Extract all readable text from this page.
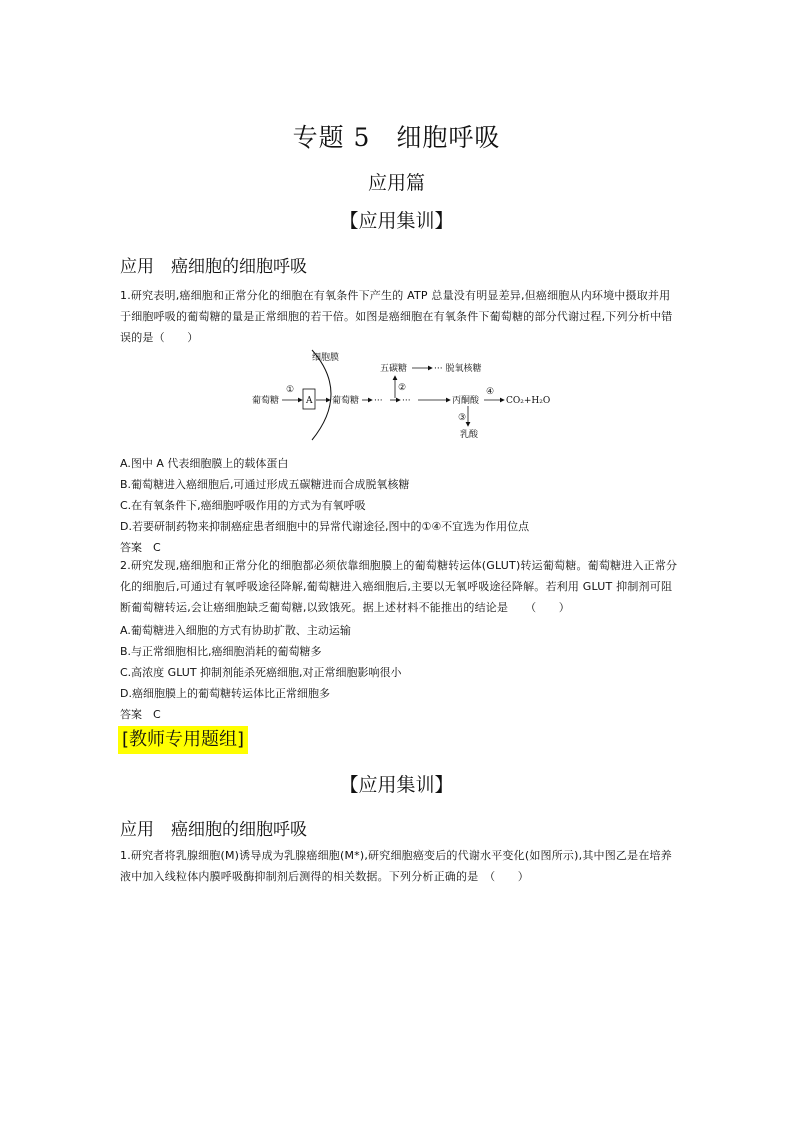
专题 5　细胞呼吸
应用篇
【应用集训】
应用　癌细胞的细胞呼吸
1.研究表明,癌细胞和正常分化的细胞在有氧条件下产生的 ATP 总量没有明显差异,但癌细胞从内环境中摄取并用于细胞呼吸的葡萄糖的量是正常细胞的若干倍。如图是癌细胞在有氧条件下葡萄糖的部分代谢过程,下列分析中错误的是（　　）
细胞膜
葡萄糖
①
A 葡萄糖 ··· ···
②
五碳糖	··· 脱氧核糖
丙酮酸
④
CO₂+H₂O
③
乳酸
A.图中 A 代表细胞膜上的载体蛋白
B.葡萄糖进入癌细胞后,可通过形成五碳糖进而合成脱氧核糖
C.在有氧条件下,癌细胞呼吸作用的方式为有氧呼吸
D.若要研制药物来抑制癌症患者细胞中的异常代谢途径,图中的①④不宜选为作用位点
答案　C
2.研究发现,癌细胞和正常分化的细胞都必须依靠细胞膜上的葡萄糖转运体(GLUT)转运葡萄糖。葡萄糖进入正常分化的细胞后,可通过有氧呼吸途径降解,葡萄糖进入癌细胞后,主要以无氧呼吸途径降解。若利用 GLUT 抑制剂可阻断葡萄糖转运,会让癌细胞缺乏葡萄糖,以致饿死。据上述材料不能推出的结论是　　（　　）
A.葡萄糖进入细胞的方式有协助扩散、主动运输
B.与正常细胞相比,癌细胞消耗的葡萄糖多
C.高浓度 GLUT 抑制剂能杀死癌细胞,对正常细胞影响很小
D.癌细胞膜上的葡萄糖转运体比正常细胞多
答案　C
[教师专用题组]
【应用集训】
应用　癌细胞的细胞呼吸
1.研究者将乳腺细胞(M)诱导成为乳腺癌细胞(M*),研究细胞癌变后的代谢水平变化(如图所示),其中图乙是在培养液中加入线粒体内膜呼吸酶抑制剂后测得的相关数据。下列分析正确的是　（　　）
